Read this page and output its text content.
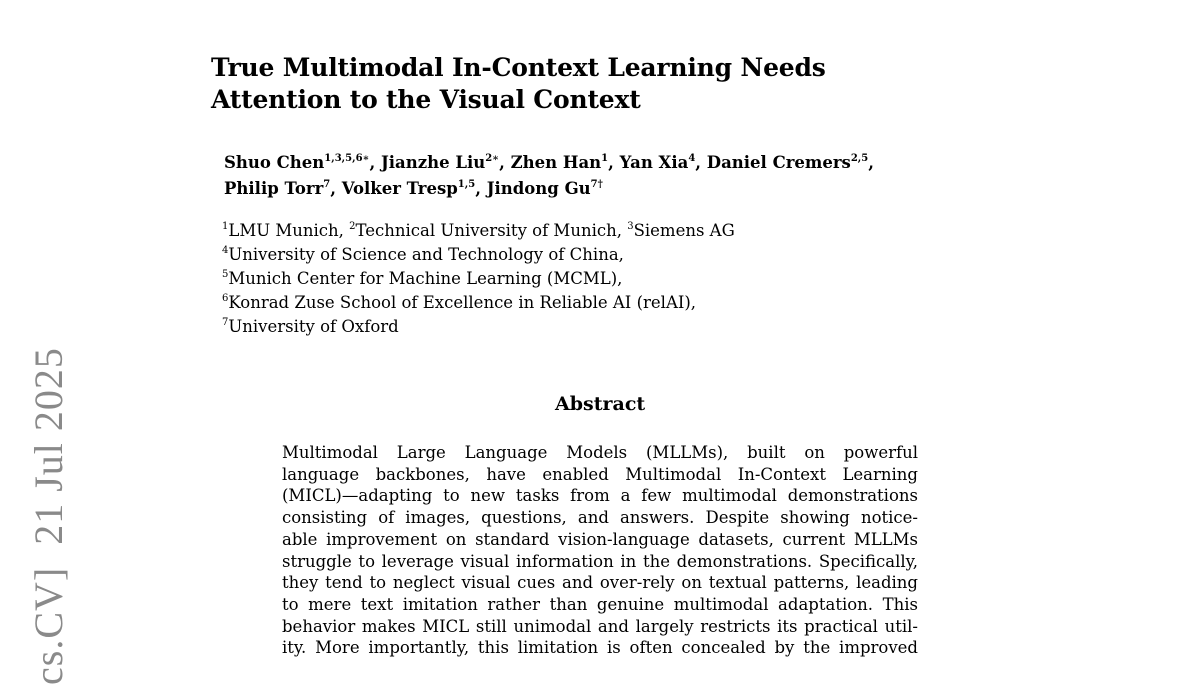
cs.CV]21 Jul 2025
True Multimodal In-Context Learning Needs
Attention to the Visual Context
Shuo Chen$^{1,3,5,6∗}$, Jianzhe Liu$^{2∗}$, Zhen Han$^1$, Yan Xia$^4$, Daniel Cremers$^{2,5}$,
Philip Torr$^7$, Volker Tresp$^{1,5}$, Jindong $Gu^{7\dagger}$
$^1$LMU Munich, $^2$Technical University of Munich, $^3$Siemens AG
$^4$University of Science and Technology of China,
$^5$Munich Center for Machine Learning (MCML),
$^6$Konrad Zuse School of Excellence in Reliable AI (relAI),
$^7$University of Oxford
Abstract
Multimodal Large Language Models (MLLMs), built on powerful
language backbones, have enabled Multimodal In-Context Learning
(MICL)—adapting to new tasks from a few multimodal demonstrations
consisting of images, questions, and answers. Despite showing notice-
able improvement on standard vision-language datasets, current MLLMs
struggle to leverage visual information in the demonstrations. Specifically,
they tend to neglect visual cues and over-rely on textual patterns, leading
to mere text imitation rather than genuine multimodal adaptation. This
behavior makes MICL still unimodal and largely restricts its practical util-
ity. More importantly, this limitation is often concealed by the improved
